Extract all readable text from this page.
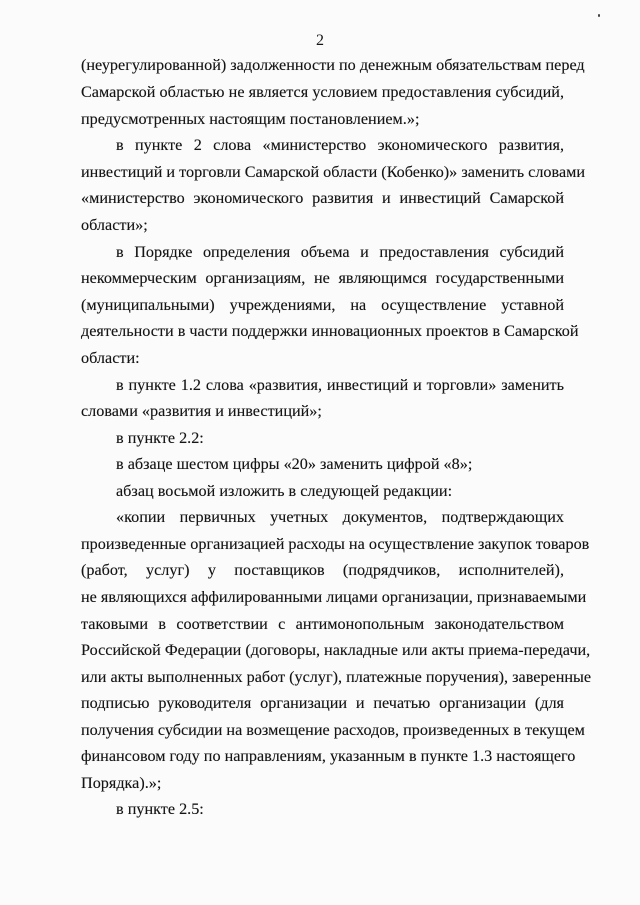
2
(неурегулированной) задолженности по денежным обязательствам перед
Самарской областью не является условием предоставления субсидий,
предусмотренных настоящим постановлением.»;
в пункте 2 слова «министерство экономического развития,
инвестиций и торговли Самарской области (Кобенко)» заменить словами
«министерство экономического развития и инвестиций Самарской
области»;
в Порядке определения объема и предоставления субсидий
некоммерческим организациям, не являющимся государственными
(муниципальными) учреждениями, на осуществление уставной
деятельности в части поддержки инновационных проектов в Самарской
области:
в пункте 1.2 слова «развития, инвестиций и торговли» заменить
словами «развития и инвестиций»;
в пункте 2.2:
в абзаце шестом цифры «20» заменить цифрой «8»;
абзац восьмой изложить в следующей редакции:
«копии первичных учетных документов, подтверждающих
произведенные организацией расходы на осуществление закупок товаров
(работ, услуг) у поставщиков (подрядчиков, исполнителей),
не являющихся аффилированными лицами организации, признаваемыми
таковыми в соответствии с антимонопольным законодательством
Российской Федерации (договоры, накладные или акты приема-передачи,
или акты выполненных работ (услуг), платежные поручения), заверенные
подписью руководителя организации и печатью организации (для
получения субсидии на возмещение расходов, произведенных в текущем
финансовом году по направлениям, указанным в пункте 1.3 настоящего
Порядка).»;
в пункте 2.5:
